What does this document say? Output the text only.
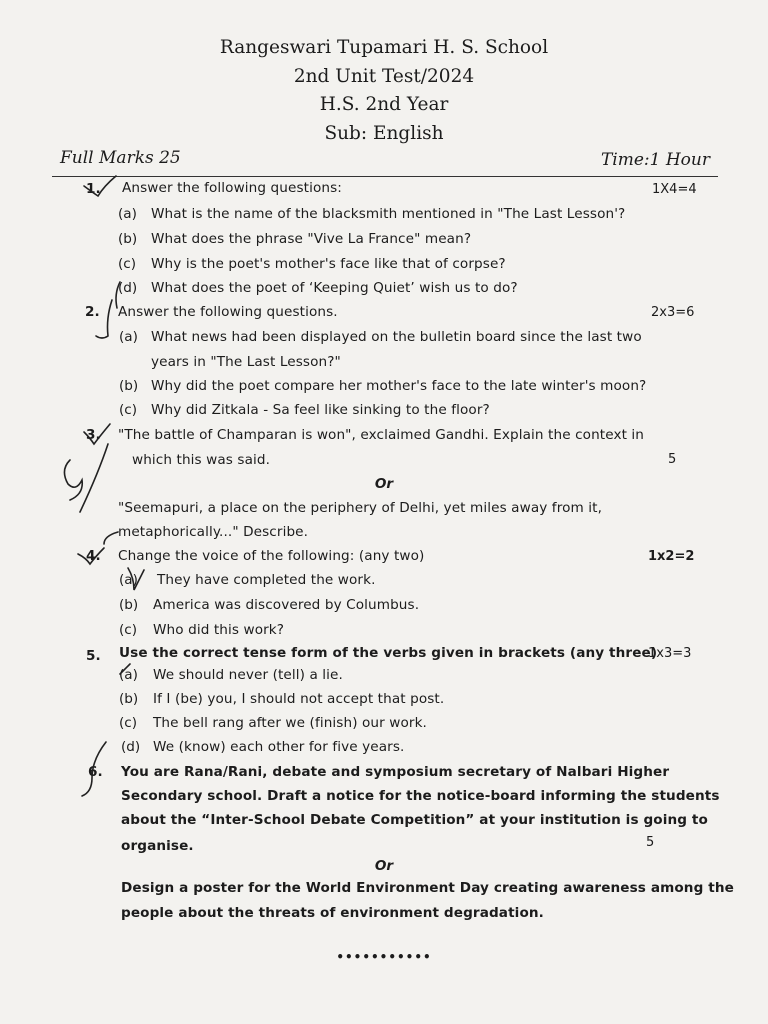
Rangeswari Tupamari H. S. School
2nd Unit Test/2024
H.S. 2nd Year
Sub: English
Full Marks 25	Time:1 Hour
1. Answer the following questions:	1X4=4
(a) What is the name of the blacksmith mentioned in "The Last Lesson'?
(b) What does the phrase "Vive La France" mean?
(c) Why is the poet's mother's face like that of corpse?
(d) What does the poet of ‘Keeping Quiet’ wish us to do?
2. Answer the following questions.	2x3=6
(a) What news had been displayed on the bulletin board since the last two
years in "The Last Lesson?"
(b) Why did the poet compare her mother's face to the late winter's moon?
(c) Why did Zitkala - Sa feel like sinking to the floor?
3. "The battle of Champaran is won", exclaimed Gandhi. Explain the context in
which this was said.	5
Or
"Seemapuri, a place on the periphery of Delhi, yet miles away from it,
metaphorically..." Describe.
4. Change the voice of the following: (any two)	1x2=2
(a) They have completed the work.
(b) America was discovered by Columbus.
(c) Who did this work?
5. Use the correct tense form of the verbs given in brackets (any three)
1x3=3
(a) We should never (tell) a lie.
(b) If I (be) you, I should not accept that post.
(c) The bell rang after we (finish) our work.
(d) We (know) each other for five years.
6. You are Rana/Rani, debate and symposium secretary of Nalbari Higher
Secondary school. Draft a notice for the notice-board informing the students
about the “Inter-School Debate Competition” at your institution is going to
organise.	5
Or
Design a poster for the World Environment Day creating awareness among the
people about the threats of environment degradation.
•••••••••••
